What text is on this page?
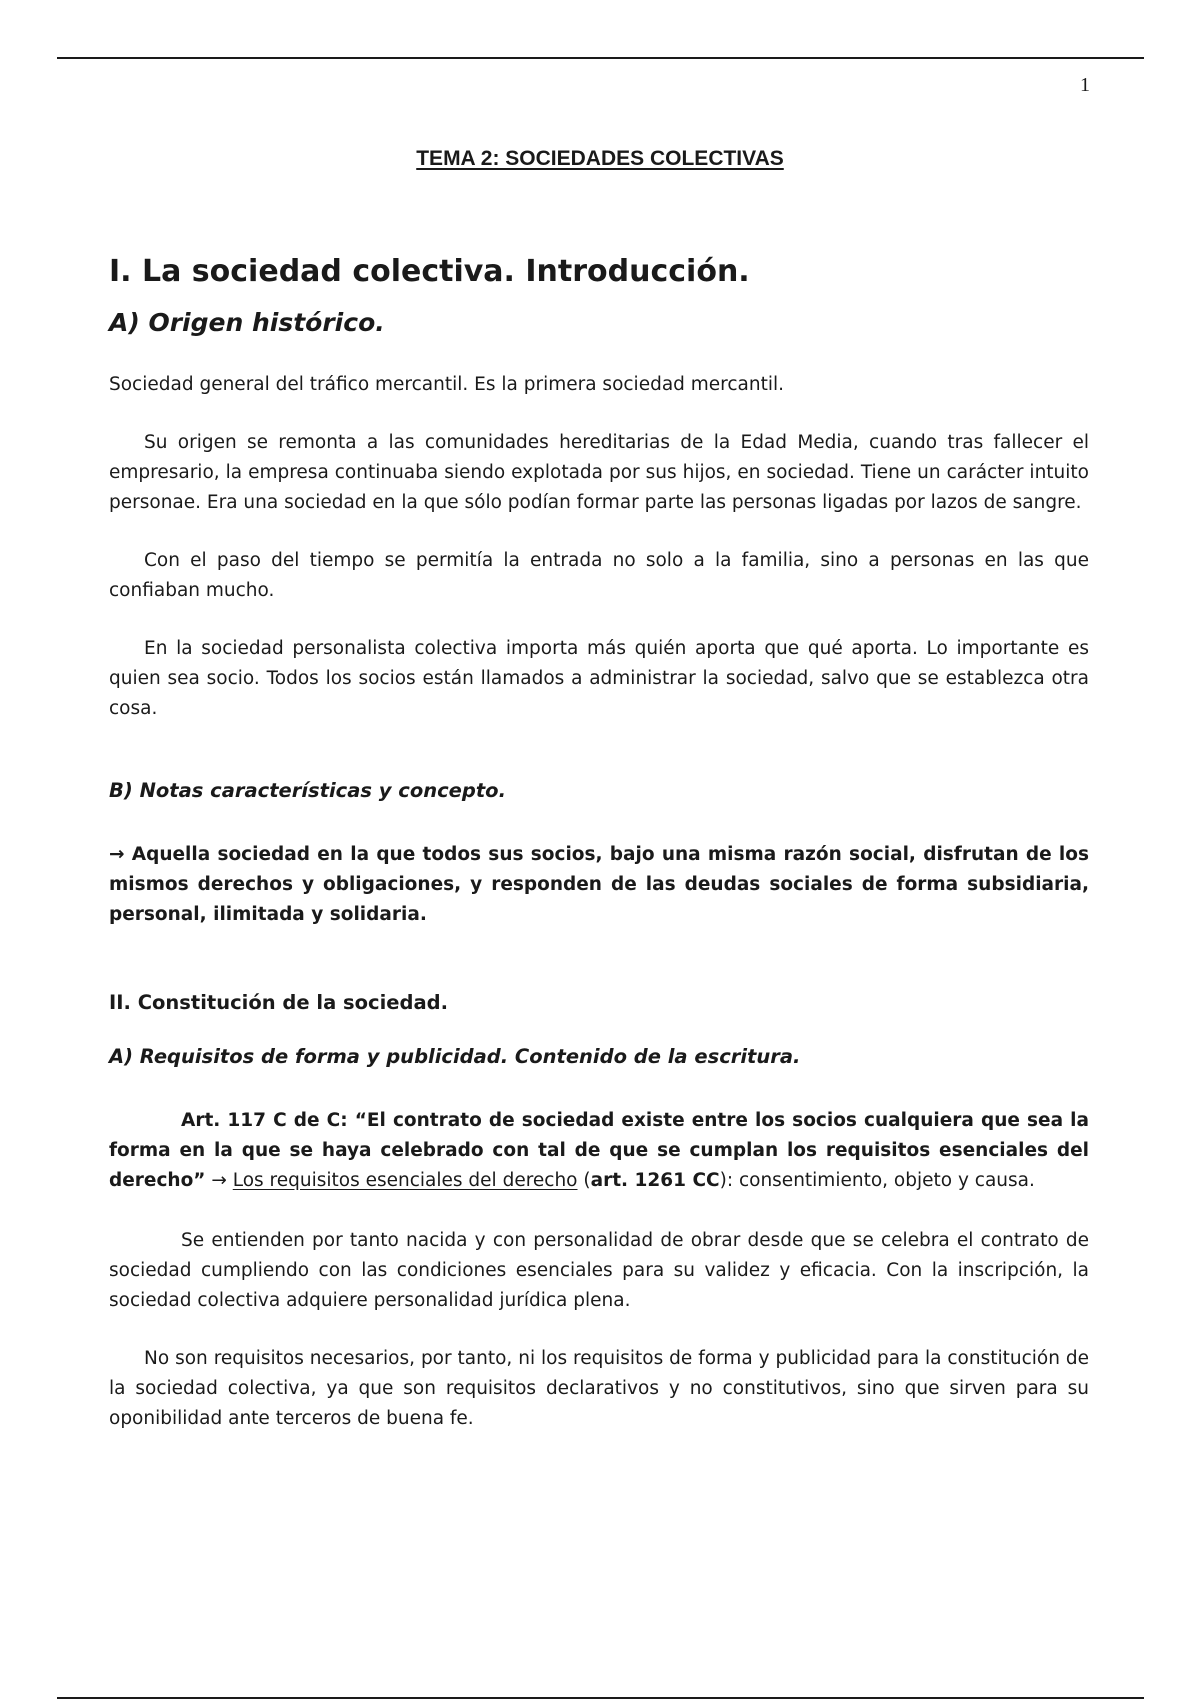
1
TEMA 2: SOCIEDADES COLECTIVAS
I. La sociedad colectiva. Introducción.
A) Origen histórico.

Sociedad general del tráfico mercantil. Es la primera sociedad mercantil.

Su origen se remonta a las comunidades hereditarias de la Edad Media, cuando tras fallecer el empresario, la empresa continuaba siendo explotada por sus hijos, en sociedad. Tiene un carácter intuito personae. Era una sociedad en la que sólo podían formar parte las personas ligadas por lazos de sangre.

Con el paso del tiempo se permitía la entrada no solo a la familia, sino a personas en las que confiaban mucho.

En la sociedad personalista colectiva importa más quién aporta que qué aporta. Lo importante es quien sea socio. Todos los socios están llamados a administrar la sociedad, salvo que se establezca otra cosa.

B) Notas características y concepto.

→ Aquella sociedad en la que todos sus socios, bajo una misma razón social, disfrutan de los mismos derechos y obligaciones, y responden de las deudas sociales de forma subsidiaria, personal, ilimitada y solidaria.

II. Constitución de la sociedad.
A) Requisitos de forma y publicidad. Contenido de la escritura.

Art. 117 C de C: “El contrato de sociedad existe entre los socios cualquiera que sea la forma en la que se haya celebrado con tal de que se cumplan los requisitos esenciales del derecho” → Los requisitos esenciales del derecho (art. 1261 CC): consentimiento, objeto y causa.

Se entienden por tanto nacida y con personalidad de obrar desde que se celebra el contrato de sociedad cumpliendo con las condiciones esenciales para su validez y eficacia. Con la inscripción, la sociedad colectiva adquiere personalidad jurídica plena.

No son requisitos necesarios, por tanto, ni los requisitos de forma y publicidad para la constitución de la sociedad colectiva, ya que son requisitos declarativos y no constitutivos, sino que sirven para su oponibilidad ante terceros de buena fe.
